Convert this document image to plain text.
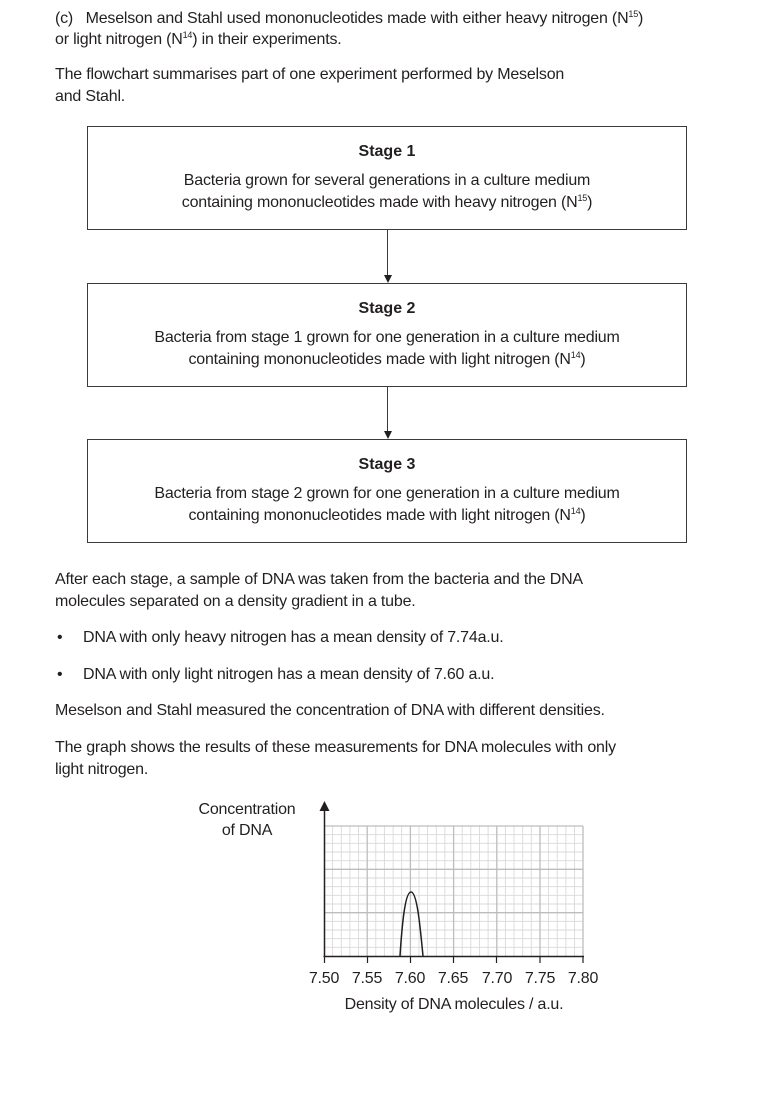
(c) Meselson and Stahl used mononucleotides made with either heavy nitrogen $(N^{15})$
or light nitrogen $(N^{14})$ in their experiments.
The flowchart summarises part of one experiment performed by Meselson
and Stahl.
Stage 1
Bacteria grown for several generations in a culture medium
containing mononucleotides made with heavy nitrogen $(N^{15})$
Stage 2
Bacteria from stage 1 grown for one generation in a culture medium
containing mononucleotides made with light nitrogen $(N^{14})$
Stage 3
Bacteria from stage 2 grown for one generation in a culture medium
containing mononucleotides made with light nitrogen $(N^{14})$
After each stage, a sample of DNA was taken from the bacteria and the DNA
molecules separated on a density gradient in a tube.
• DNA with only heavy nitrogen has a mean density of 7.74a.u.
• DNA with only light nitrogen has a mean density of 7.60 a.u.
Meselson and Stahl measured the concentration of DNA with different densities.
The graph shows the results of these measurements for DNA molecules with only
light nitrogen.
Concentration
of DNA
7.50 7.55 7.60 7.65 7.70 7.75 7.80
Density of DNA molecules / a.u.
